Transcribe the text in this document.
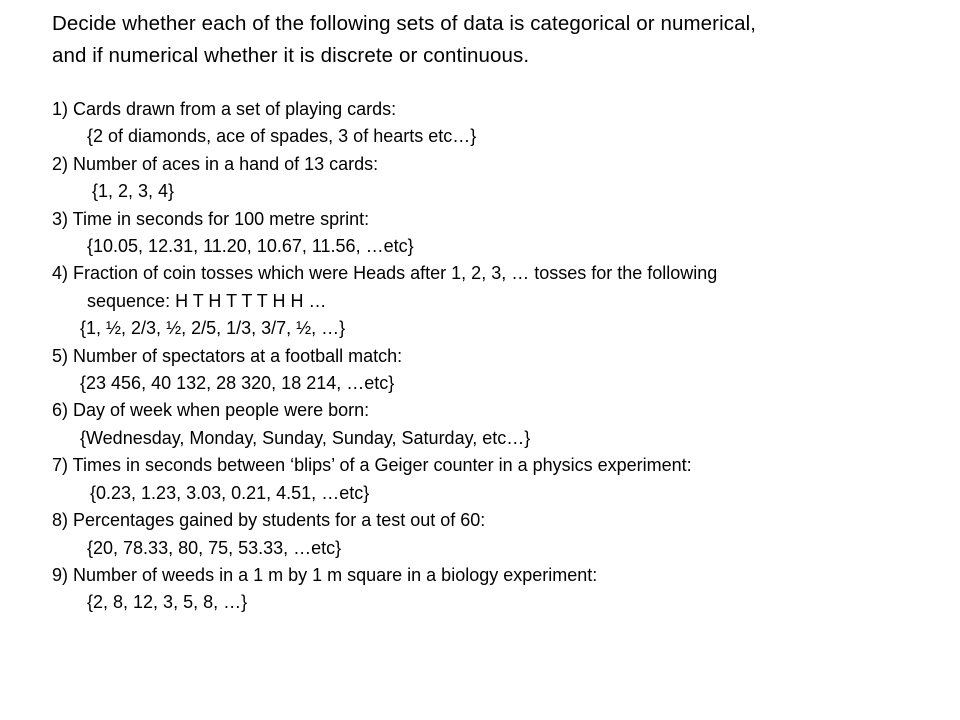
Decide whether each of the following sets of data is categorical or numerical,
and if numerical whether it is discrete or continuous.
1) Cards drawn from a set of playing cards:
{2 of diamonds, ace of spades, 3 of hearts etc…}
2) Number of aces in a hand of 13 cards:
{1, 2, 3, 4}
3) Time in seconds for 100 metre sprint:
{10.05, 12.31, 11.20, 10.67, 11.56, …etc}
4) Fraction of coin tosses which were Heads after 1, 2, 3, … tosses for the following
sequence: H T H T T T H H …
{1, ½, 2/3, ½, 2/5, 1/3, 3/7, ½, …}
5) Number of spectators at a football match:
{23 456, 40 132, 28 320, 18 214, …etc}
6) Day of week when people were born:
{Wednesday, Monday, Sunday, Sunday, Saturday, etc…}
7) Times in seconds between ‘blips’ of a Geiger counter in a physics experiment:
{0.23, 1.23, 3.03, 0.21, 4.51, …etc}
8) Percentages gained by students for a test out of 60:
{20, 78.33, 80, 75, 53.33, …etc}
9) Number of weeds in a 1 m by 1 m square in a biology experiment:
{2, 8, 12, 3, 5, 8, …}
